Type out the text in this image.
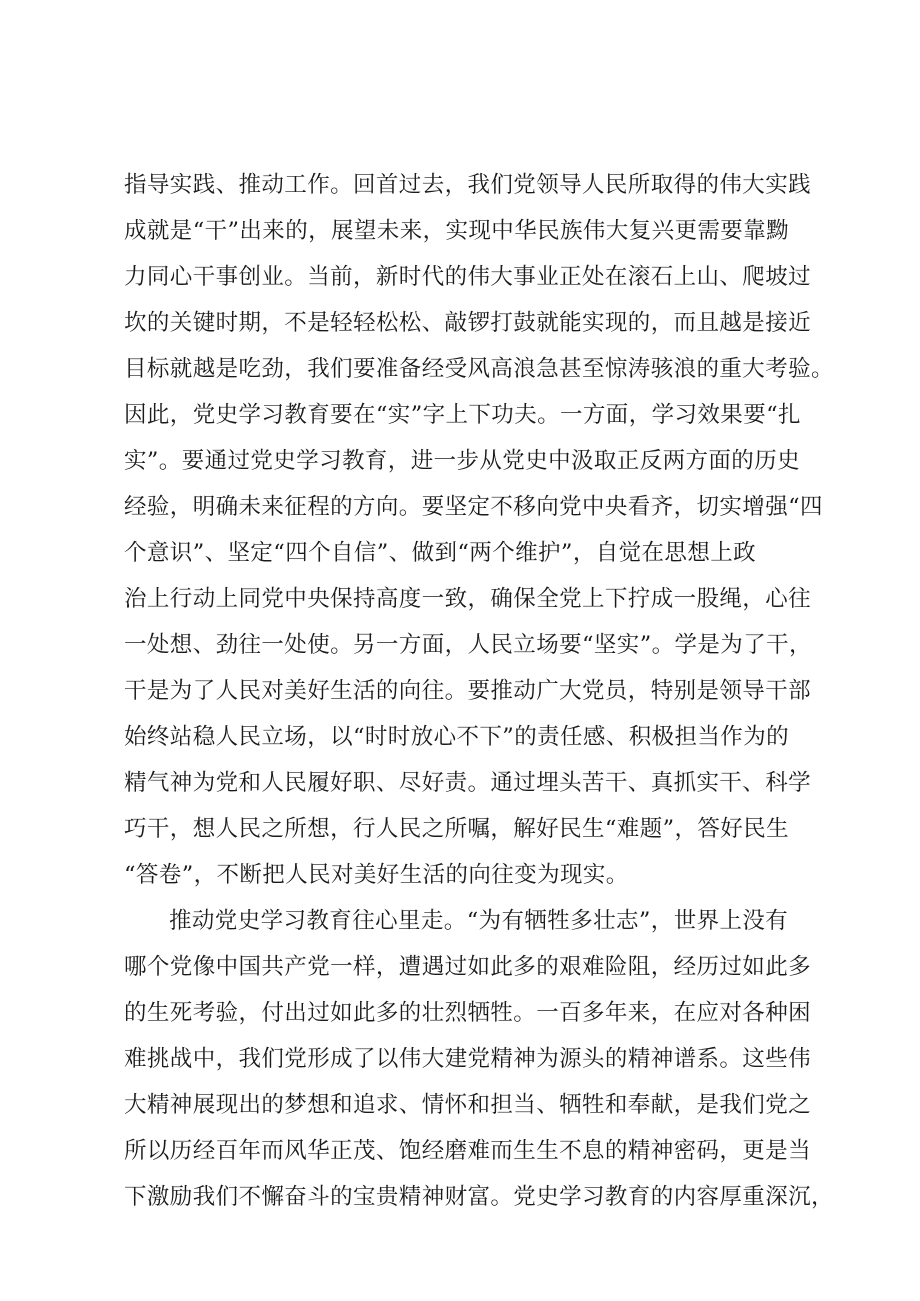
指导实践、推动工作。回首过去，我们党领导人民所取得的伟大实践
成就是“干”出来的，展望未来，实现中华民族伟大复兴更需要靠黝
力同心干事创业。当前，新时代的伟大事业正处在滚石上山、爬坡过
坎的关键时期，不是轻轻松松、敲锣打鼓就能实现的，而且越是接近
目标就越是吃劲，我们要准备经受风高浪急甚至惊涛骇浪的重大考验。
因此，党史学习教育要在“实”字上下功夫。一方面，学习效果要“扎
实”。要通过党史学习教育，进一步从党史中汲取正反两方面的历史
经验，明确未来征程的方向。要坚定不移向党中央看齐，切实增强“四
个意识”、坚定“四个自信”、做到“两个维护”，自觉在思想上政
治上行动上同党中央保持高度一致，确保全党上下拧成一股绳，心往
一处想、劲往一处使。另一方面，人民立场要“坚实”。学是为了干，
干是为了人民对美好生活的向往。要推动广大党员，特别是领导干部
始终站稳人民立场，以“时时放心不下”的责任感、积极担当作为的
精气神为党和人民履好职、尽好责。通过埋头苦干、真抓实干、科学
巧干，想人民之所想，行人民之所嘱，解好民生“难题”，答好民生
“答卷”，不断把人民对美好生活的向往变为现实。
推动党史学习教育往心里走。“为有牺牲多壮志”，世界上没有
哪个党像中国共产党一样，遭遇过如此多的艰难险阻，经历过如此多
的生死考验，付出过如此多的壮烈牺牲。一百多年来，在应对各种困
难挑战中，我们党形成了以伟大建党精神为源头的精神谱系。这些伟
大精神展现出的梦想和追求、情怀和担当、牺牲和奉献，是我们党之
所以历经百年而风华正茂、饱经磨难而生生不息的精神密码，更是当
下激励我们不懈奋斗的宝贵精神财富。党史学习教育的内容厚重深沉，
